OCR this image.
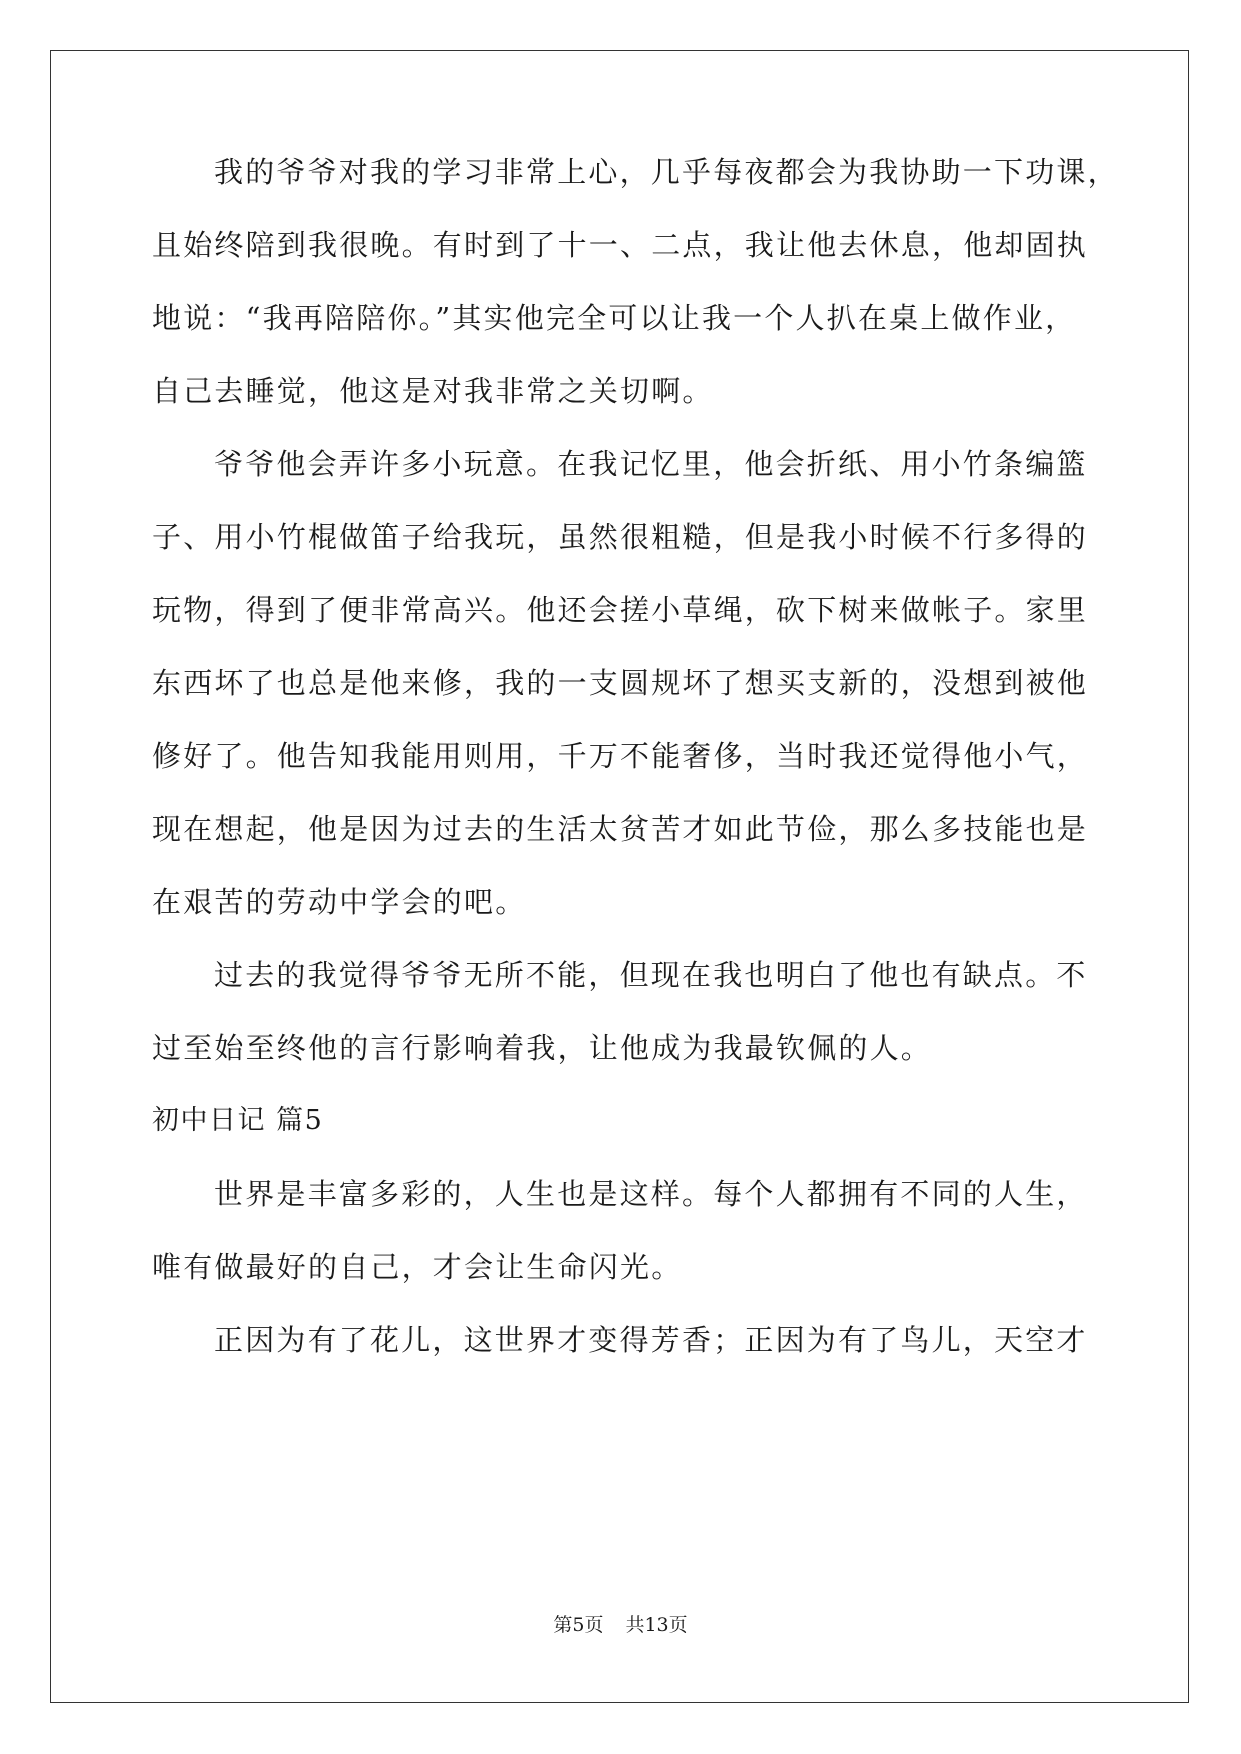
我的爷爷对我的学习非常上心，几乎每夜都会为我协助一下功课，
且始终陪到我很晚。有时到了十一、二点，我让他去休息，他却固执
地说：“我再陪陪你。”其实他完全可以让我一个人扒在桌上做作业，
自己去睡觉，他这是对我非常之关切啊。
爷爷他会弄许多小玩意。在我记忆里，他会折纸、用小竹条编篮
子、用小竹棍做笛子给我玩，虽然很粗糙，但是我小时候不行多得的
玩物，得到了便非常高兴。他还会搓小草绳，砍下树来做帐子。家里
东西坏了也总是他来修，我的一支圆规坏了想买支新的，没想到被他
修好了。他告知我能用则用，千万不能奢侈，当时我还觉得他小气，
现在想起，他是因为过去的生活太贫苦才如此节俭，那么多技能也是
在艰苦的劳动中学会的吧。
过去的我觉得爷爷无所不能，但现在我也明白了他也有缺点。不
过至始至终他的言行影响着我，让他成为我最钦佩的人。
初中日记 篇5
世界是丰富多彩的，人生也是这样。每个人都拥有不同的人生，
唯有做最好的自己，才会让生命闪光。
正因为有了花儿，这世界才变得芳香；正因为有了鸟儿，天空才
第5页 共13页
